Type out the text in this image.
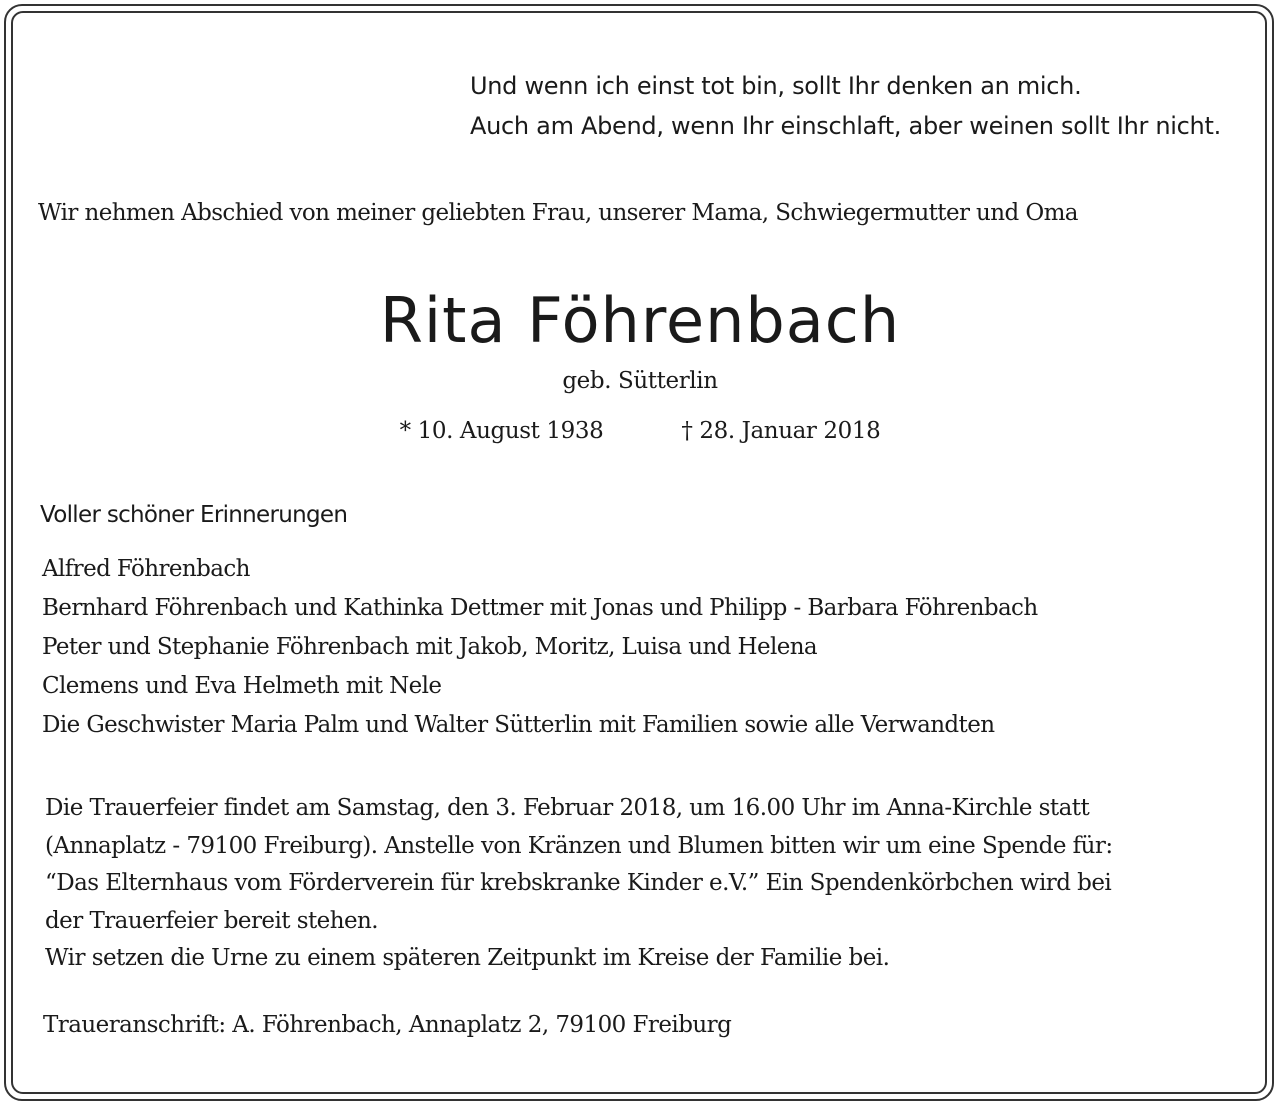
Und wenn ich einst tot bin, sollt Ihr denken an mich.
Auch am Abend, wenn Ihr einschlaft, aber weinen sollt Ihr nicht.
Wir nehmen Abschied von meiner geliebten Frau, unserer Mama, Schwiegermutter und Oma
Rita Föhrenbach
geb. Sütterlin
* 10. August 1938	† 28. Januar 2018
Voller schöner Erinnerungen
Alfred Föhrenbach
Bernhard Föhrenbach und Kathinka Dettmer mit Jonas und Philipp - Barbara Föhrenbach
Peter und Stephanie Föhrenbach mit Jakob, Moritz, Luisa und Helena
Clemens und Eva Helmeth mit Nele
Die Geschwister Maria Palm und Walter Sütterlin mit Familien sowie alle Verwandten
Die Trauerfeier findet am Samstag, den 3. Februar 2018, um 16.00 Uhr im Anna-Kirchle statt
(Annaplatz - 79100 Freiburg). Anstelle von Kränzen und Blumen bitten wir um eine Spende für:
“Das Elternhaus vom Förderverein für krebskranke Kinder e.V.” Ein Spendenkörbchen wird bei
der Trauerfeier bereit stehen.
Wir setzen die Urne zu einem späteren Zeitpunkt im Kreise der Familie bei.
Traueranschrift: A. Föhrenbach, Annaplatz 2, 79100 Freiburg
